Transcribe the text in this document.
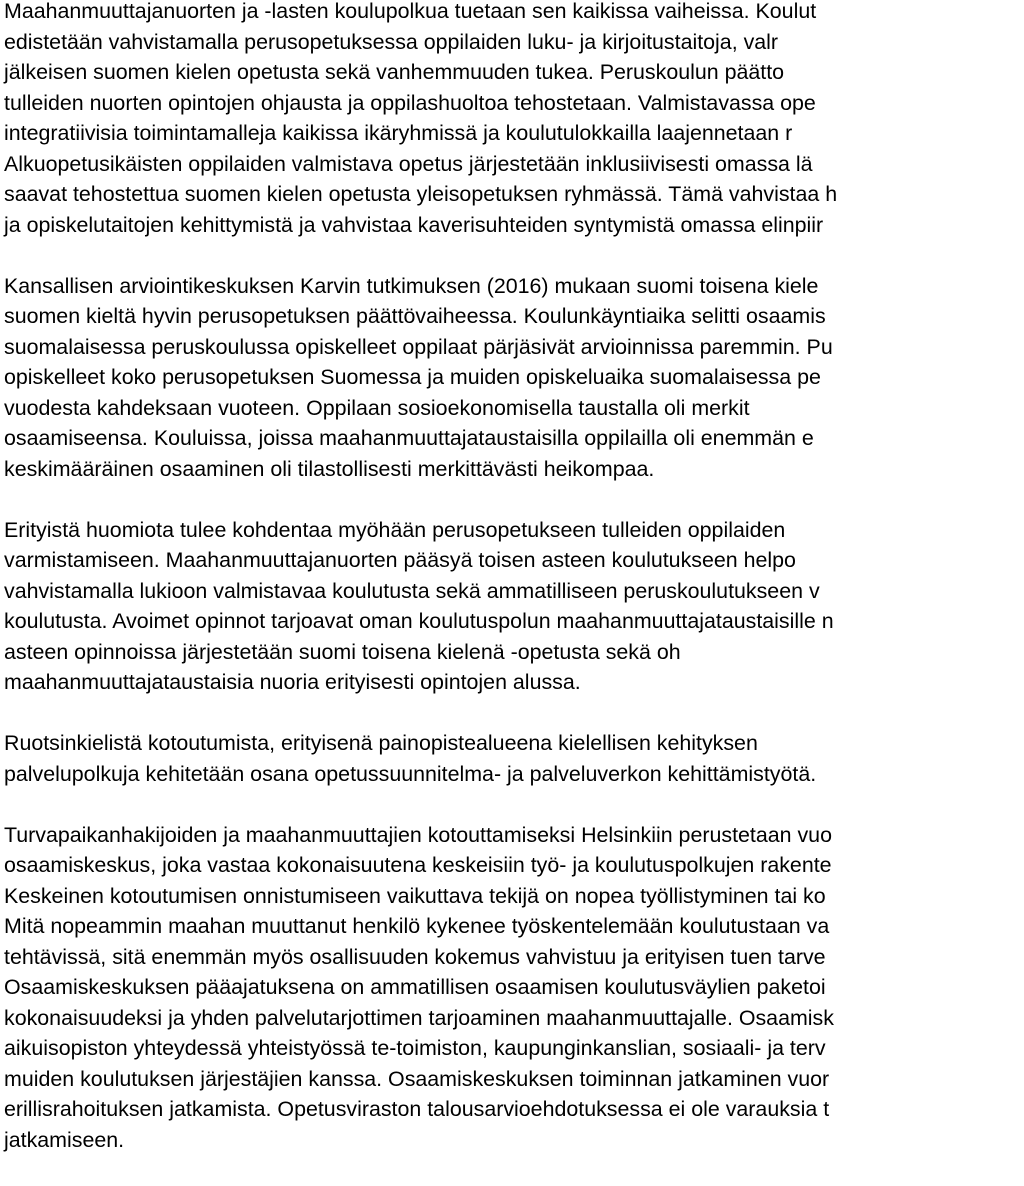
Maahanmuuttajanuorten ja -lasten koulupolkua tuetaan sen kaikissa vaiheissa. Koulut
edistetään vahvistamalla perusopetuksessa oppilaiden luku- ja kirjoitustaitoja, valr
jälkeisen suomen kielen opetusta sekä vanhemmuuden tukea. Peruskoulun päätto
tulleiden nuorten opintojen ohjausta ja oppilashuoltoa tehostetaan. Valmistavassa ope
integratiivisia toimintamalleja kaikissa ikäryhmissä ja koulutulokkailla laajennetaan r
Alkuopetusikäisten oppilaiden valmistava opetus järjestetään inklusiivisesti omassa lä
saavat tehostettua suomen kielen opetusta yleisopetuksen ryhmässä. Tämä vahvistaa h
ja opiskelutaitojen kehittymistä ja vahvistaa kaverisuhteiden syntymistä omassa elinpiir
Kansallisen arviointikeskuksen Karvin tutkimuksen (2016) mukaan suomi toisena kiele
suomen kieltä hyvin perusopetuksen päättövaiheessa. Koulunkäyntiaika selitti osaamis
suomalaisessa peruskoulussa opiskelleet oppilaat pärjäsivät arvioinnissa paremmin. Pu
opiskelleet koko perusopetuksen Suomessa ja muiden opiskeluaika suomalaisessa pe
vuodesta kahdeksaan vuoteen. Oppilaan sosioekonomisella taustalla oli merkit
osaamiseensa. Kouluissa, joissa maahanmuuttajataustaisilla oppilailla oli enemmän e
keskimääräinen osaaminen oli tilastollisesti merkittävästi heikompaa.
Erityistä huomiota tulee kohdentaa myöhään perusopetukseen tulleiden oppilaiden
varmistamiseen. Maahanmuuttajanuorten pääsyä toisen asteen koulutukseen helpo
vahvistamalla lukioon valmistavaa koulutusta sekä ammatilliseen peruskoulutukseen v
koulutusta. Avoimet opinnot tarjoavat oman koulutuspolun maahanmuuttajataustaisille n
asteen opinnoissa järjestetään suomi toisena kielenä -opetusta sekä oh
maahanmuuttajataustaisia nuoria erityisesti opintojen alussa.
Ruotsinkielistä kotoutumista, erityisenä painopistealueena kielellisen kehityksen
palvelupolkuja kehitetään osana opetussuunnitelma- ja palveluverkon kehittämistyötä.
Turvapaikanhakijoiden ja maahanmuuttajien kotouttamiseksi Helsinkiin perustetaan vuo
osaamiskeskus, joka vastaa kokonaisuutena keskeisiin työ- ja koulutuspolkujen rakente
Keskeinen kotoutumisen onnistumiseen vaikuttava tekijä on nopea työllistyminen tai ko
Mitä nopeammin maahan muuttanut henkilö kykenee työskentelemään koulutustaan va
tehtävissä, sitä enemmän myös osallisuuden kokemus vahvistuu ja erityisen tuen tarve
Osaamiskeskuksen pääajatuksena on ammatillisen osaamisen koulutusväylien paketoi
kokonaisuudeksi ja yhden palvelutarjottimen tarjoaminen maahanmuuttajalle. Osaamisk
aikuisopiston yhteydessä yhteistyössä te-toimiston, kaupunginkanslian, sosiaali- ja terv
muiden koulutuksen järjestäjien kanssa. Osaamiskeskuksen toiminnan jatkaminen vuor
erillisrahoituksen jatkamista. Opetusviraston talousarvioehdotuksessa ei ole varauksia t
jatkamiseen.
